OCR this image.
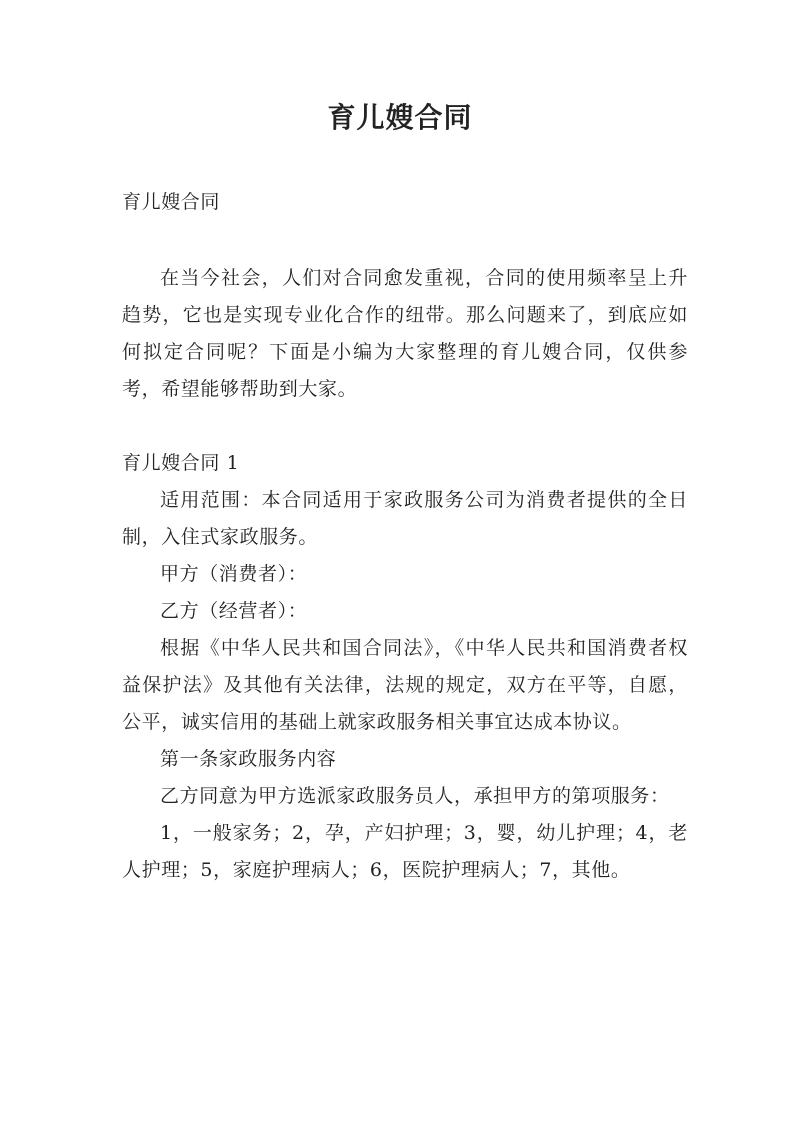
育儿嫂合同

育儿嫂合同

在当今社会，人们对合同愈发重视，合同的使用频率呈上升趋势，它也是实现专业化合作的纽带。那么问题来了，到底应如何拟定合同呢？下面是小编为大家整理的育儿嫂合同，仅供参考，希望能够帮助到大家。

育儿嫂合同 1

适用范围：本合同适用于家政服务公司为消费者提供的全日制，入住式家政服务。

甲方（消费者）：

乙方（经营者）：

根据《中华人民共和国合同法》，《中华人民共和国消费者权益保护法》及其他有关法律，法规的规定，双方在平等，自愿，公平，诚实信用的基础上就家政服务相关事宜达成本协议。

第一条家政服务内容

乙方同意为甲方选派家政服务员人，承担甲方的第项服务：

1，一般家务；2，孕，产妇护理；3，婴，幼儿护理；4，老人护理；5，家庭护理病人；6，医院护理病人；7，其他。
